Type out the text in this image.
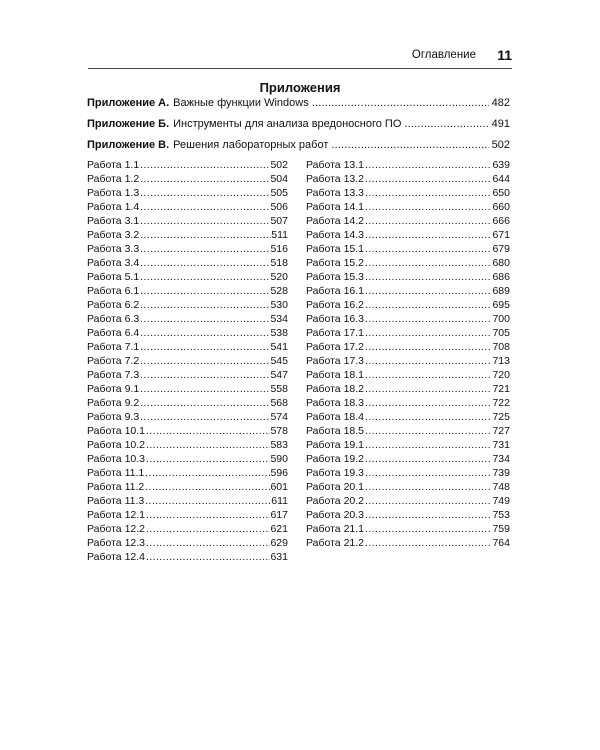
Оглавление 11
Приложения
Приложение А. Важные функции Windows .....	482
Приложение Б. Инструменты для анализа вредоносного ПО .....	491
Приложение В. Решения лабораторных работ .....	502
Работа 1.1 .....	502
Работа 1.2 .....	504
Работа 1.3 .....	505
Работа 1.4 .....	506
Работа 3.1 .....	507
Работа 3.2 .....	511
Работа 3.3 .....	516
Работа 3.4 .....	518
Работа 5.1 .....	520
Работа 6.1 .....	528
Работа 6.2 .....	530
Работа 6.3 .....	534
Работа 6.4 .....	538
Работа 7.1 .....	541
Работа 7.2 .....	545
Работа 7.3 .....	547
Работа 9.1 .....	558
Работа 9.2 .....	568
Работа 9.3 .....	574
Работа 10.1 .....	578
Работа 10.2 .....	583
Работа 10.3 .....	590
Работа 11.1 .....	596
Работа 11.2 .....	601
Работа 11.3 .....	611
Работа 12.1 .....	617
Работа 12.2 .....	621
Работа 12.3 .....	629
Работа 12.4 .....	631
Работа 13.1 .....	639
Работа 13.2 .....	644
Работа 13.3 .....	650
Работа 14.1 .....	660
Работа 14.2 .....	666
Работа 14.3 .....	671
Работа 15.1 .....	679
Работа 15.2 .....	680
Работа 15.3 .....	686
Работа 16.1 .....	689
Работа 16.2 .....	695
Работа 16.3 .....	700
Работа 17.1 .....	705
Работа 17.2 .....	708
Работа 17.3 .....	713
Работа 18.1 .....	720
Работа 18.2 .....	721
Работа 18.3 .....	722
Работа 18.4 .....	725
Работа 18.5 .....	727
Работа 19.1 .....	731
Работа 19.2 .....	734
Работа 19.3 .....	739
Работа 20.1 .....	748
Работа 20.2 .....	749
Работа 20.3 .....	753
Работа 21.1 .....	759
Работа 21.2 .....	764
